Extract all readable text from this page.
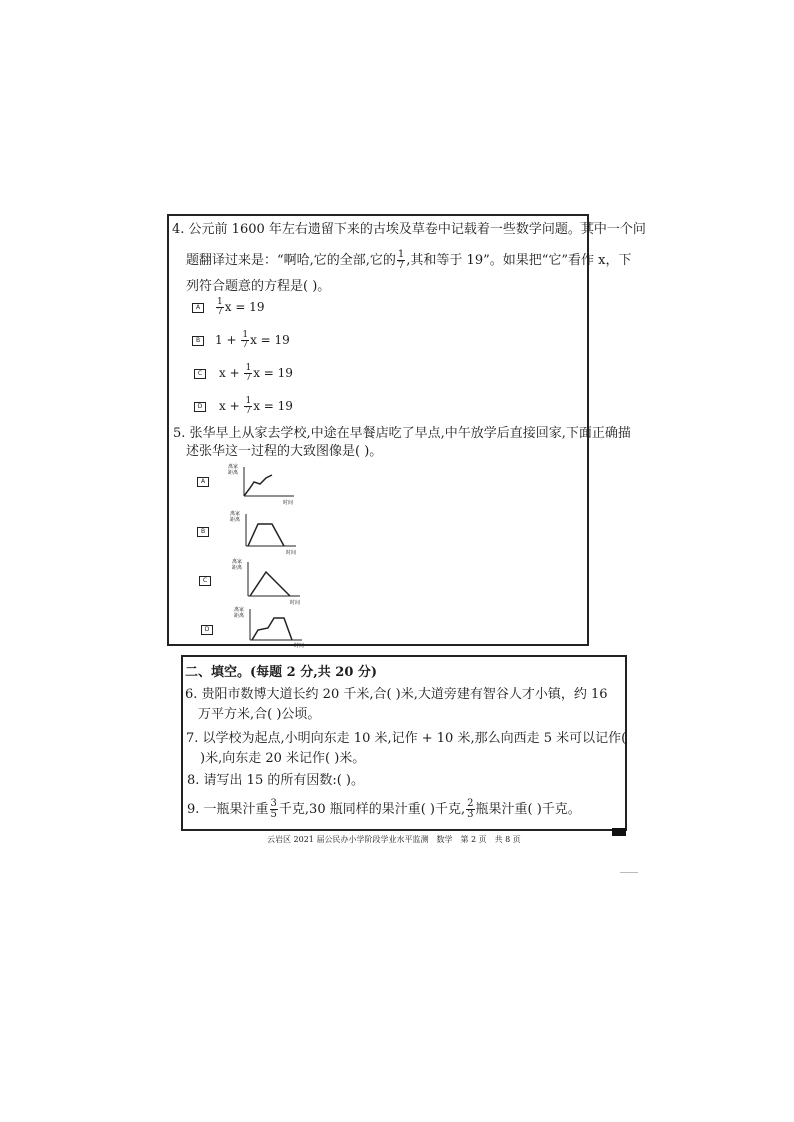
4. 公元前 1600 年左右遗留下来的古埃及草卷中记载着一些数学问题。其中一个问
题翻译过来是：“啊哈,它的全部,它的 $\frac{1}{7}$ ,其和等于 19”。如果把“它”看作 x，下
列符合题意的方程是( )。
A	$\frac{1}{7}$ x = 19
B	$1 + \frac{1}{7}$ x = 19
C	$x + \frac{1}{7}$ x = 19
D	$x + \frac{1}{7}$ x = 19
5. 张华早上从家去学校,中途在早餐店吃了早点,中午放学后直接回家,下面正确描
述张华这一过程的大致图像是( )。
A
离家
距离
时间
B
离家
距离
时间
C
离家
距离
时间
D
离家
距离
时间
二、填空。(每题 2 分,共 20 分)
6. 贵阳市数博大道长约 20 千米,合( )米,大道旁建有智谷人才小镇，约 16
万平方米,合( )公顷。
7. 以学校为起点,小明向东走 10 米,记作 + 10 米,那么向西走 5 米可以记作(
)米,向东走 20 米记作( )米。
8. 请写出 15 的所有因数:( )。
9. 一瓶果汁重 $\frac{3}{5}$ 千克,30 瓶同样的果汁重( )千克, $\frac{2}{3}$ 瓶果汁重( )千克。
云岩区 2021 届公民办小学阶段学业水平监测　数学　第 2 页　共 8 页
